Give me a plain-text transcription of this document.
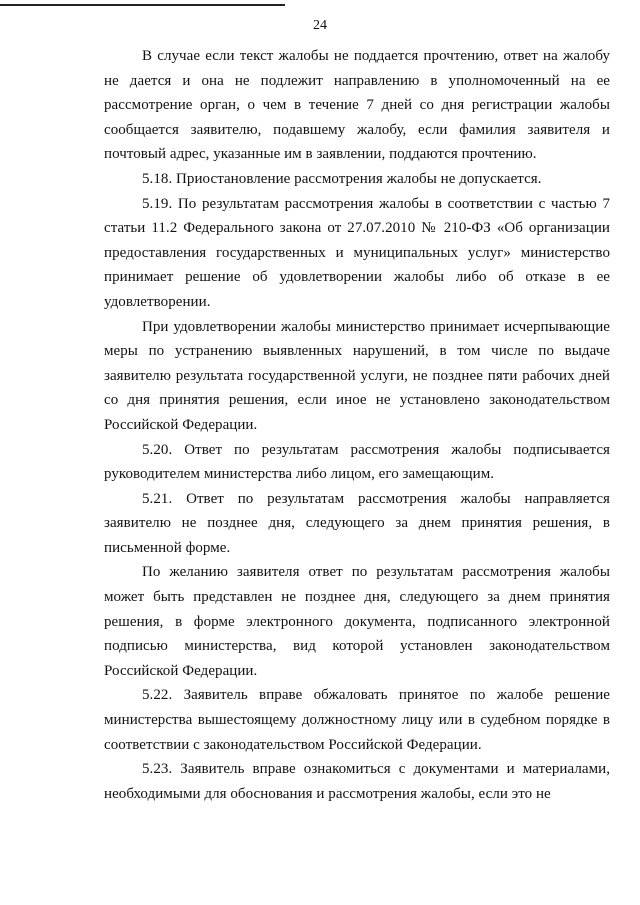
24

В случае если текст жалобы не поддается прочтению, ответ на жалобу не дается и она не подлежит направлению в уполномоченный на ее рассмотрение орган, о чем в течение 7 дней со дня регистрации жалобы сообщается заявителю, подавшему жалобу, если фамилия заявителя и почтовый адрес, указанные им в заявлении, поддаются прочтению.

5.18. Приостановление рассмотрения жалобы не допускается.

5.19. По результатам рассмотрения жалобы в соответствии с частью 7 статьи 11.2 Федерального закона от 27.07.2010 № 210-ФЗ «Об организации предоставления государственных и муниципальных услуг» министерство принимает решение об удовлетворении жалобы либо об отказе в ее удовлетворении.

При удовлетворении жалобы министерство принимает исчерпывающие меры по устранению выявленных нарушений, в том числе по выдаче заявителю результата государственной услуги, не позднее пяти рабочих дней со дня принятия решения, если иное не установлено законодательством Российской Федерации.

5.20. Ответ по результатам рассмотрения жалобы подписывается руководителем министерства либо лицом, его замещающим.

5.21. Ответ по результатам рассмотрения жалобы направляется заявителю не позднее дня, следующего за днем принятия решения, в письменной форме.

По желанию заявителя ответ по результатам рассмотрения жалобы может быть представлен не позднее дня, следующего за днем принятия решения, в форме электронного документа, подписанного электронной подписью министерства, вид которой установлен законодательством Российской Федерации.

5.22. Заявитель вправе обжаловать принятое по жалобе решение министерства вышестоящему должностному лицу или в судебном порядке в соответствии с законодательством Российской Федерации.

5.23. Заявитель вправе ознакомиться с документами и материалами, необходимыми для обоснования и рассмотрения жалобы, если это не
